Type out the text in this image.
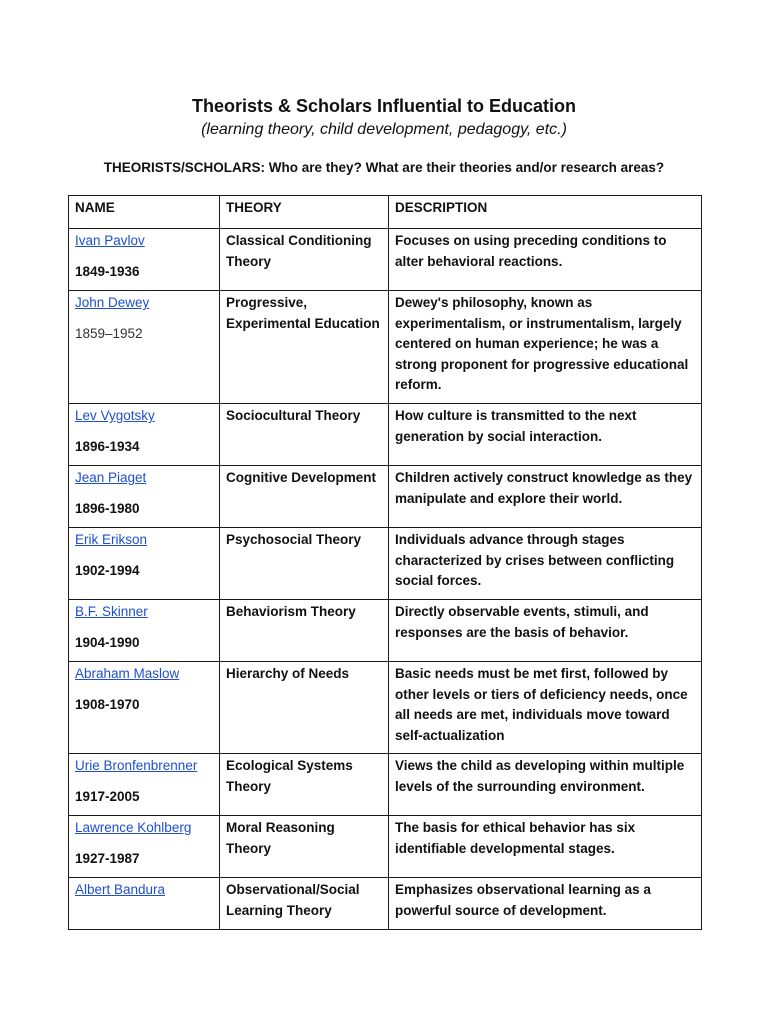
Theorists & Scholars Influential to Education
(learning theory, child development, pedagogy, etc.)
THEORISTS/SCHOLARS: Who are they? What are their theories and/or research areas?
NAME	THEORY	DESCRIPTION

Ivan Pavlov
1849-1936	Classical Conditioning Theory	Focuses on using preceding conditions to alter behavioral reactions.

John Dewey
1859–1952	Progressive, Experimental Education	Dewey's philosophy, known as experimentalism, or instrumentalism, largely centered on human experience; he was a strong proponent for progressive educational reform.

Lev Vygotsky
1896-1934	Sociocultural Theory	How culture is transmitted to the next generation by social interaction.

Jean Piaget
1896-1980	Cognitive Development	Children actively construct knowledge as they manipulate and explore their world.

Erik Erikson
1902-1994	Psychosocial Theory	Individuals advance through stages characterized by crises between conflicting social forces.

B.F. Skinner
1904-1990	Behaviorism Theory	Directly observable events, stimuli, and responses are the basis of behavior.

Abraham Maslow
1908-1970	Hierarchy of Needs	Basic needs must be met first, followed by other levels or tiers of deficiency needs, once all needs are met, individuals move toward self-actualization

Urie Bronfenbrenner
1917-2005	Ecological Systems Theory	Views the child as developing within multiple levels of the surrounding environment.

Lawrence Kohlberg
1927-1987	Moral Reasoning Theory	The basis for ethical behavior has six identifiable developmental stages.

Albert Bandura	Observational/Social Learning Theory	Emphasizes observational learning as a powerful source of development.
